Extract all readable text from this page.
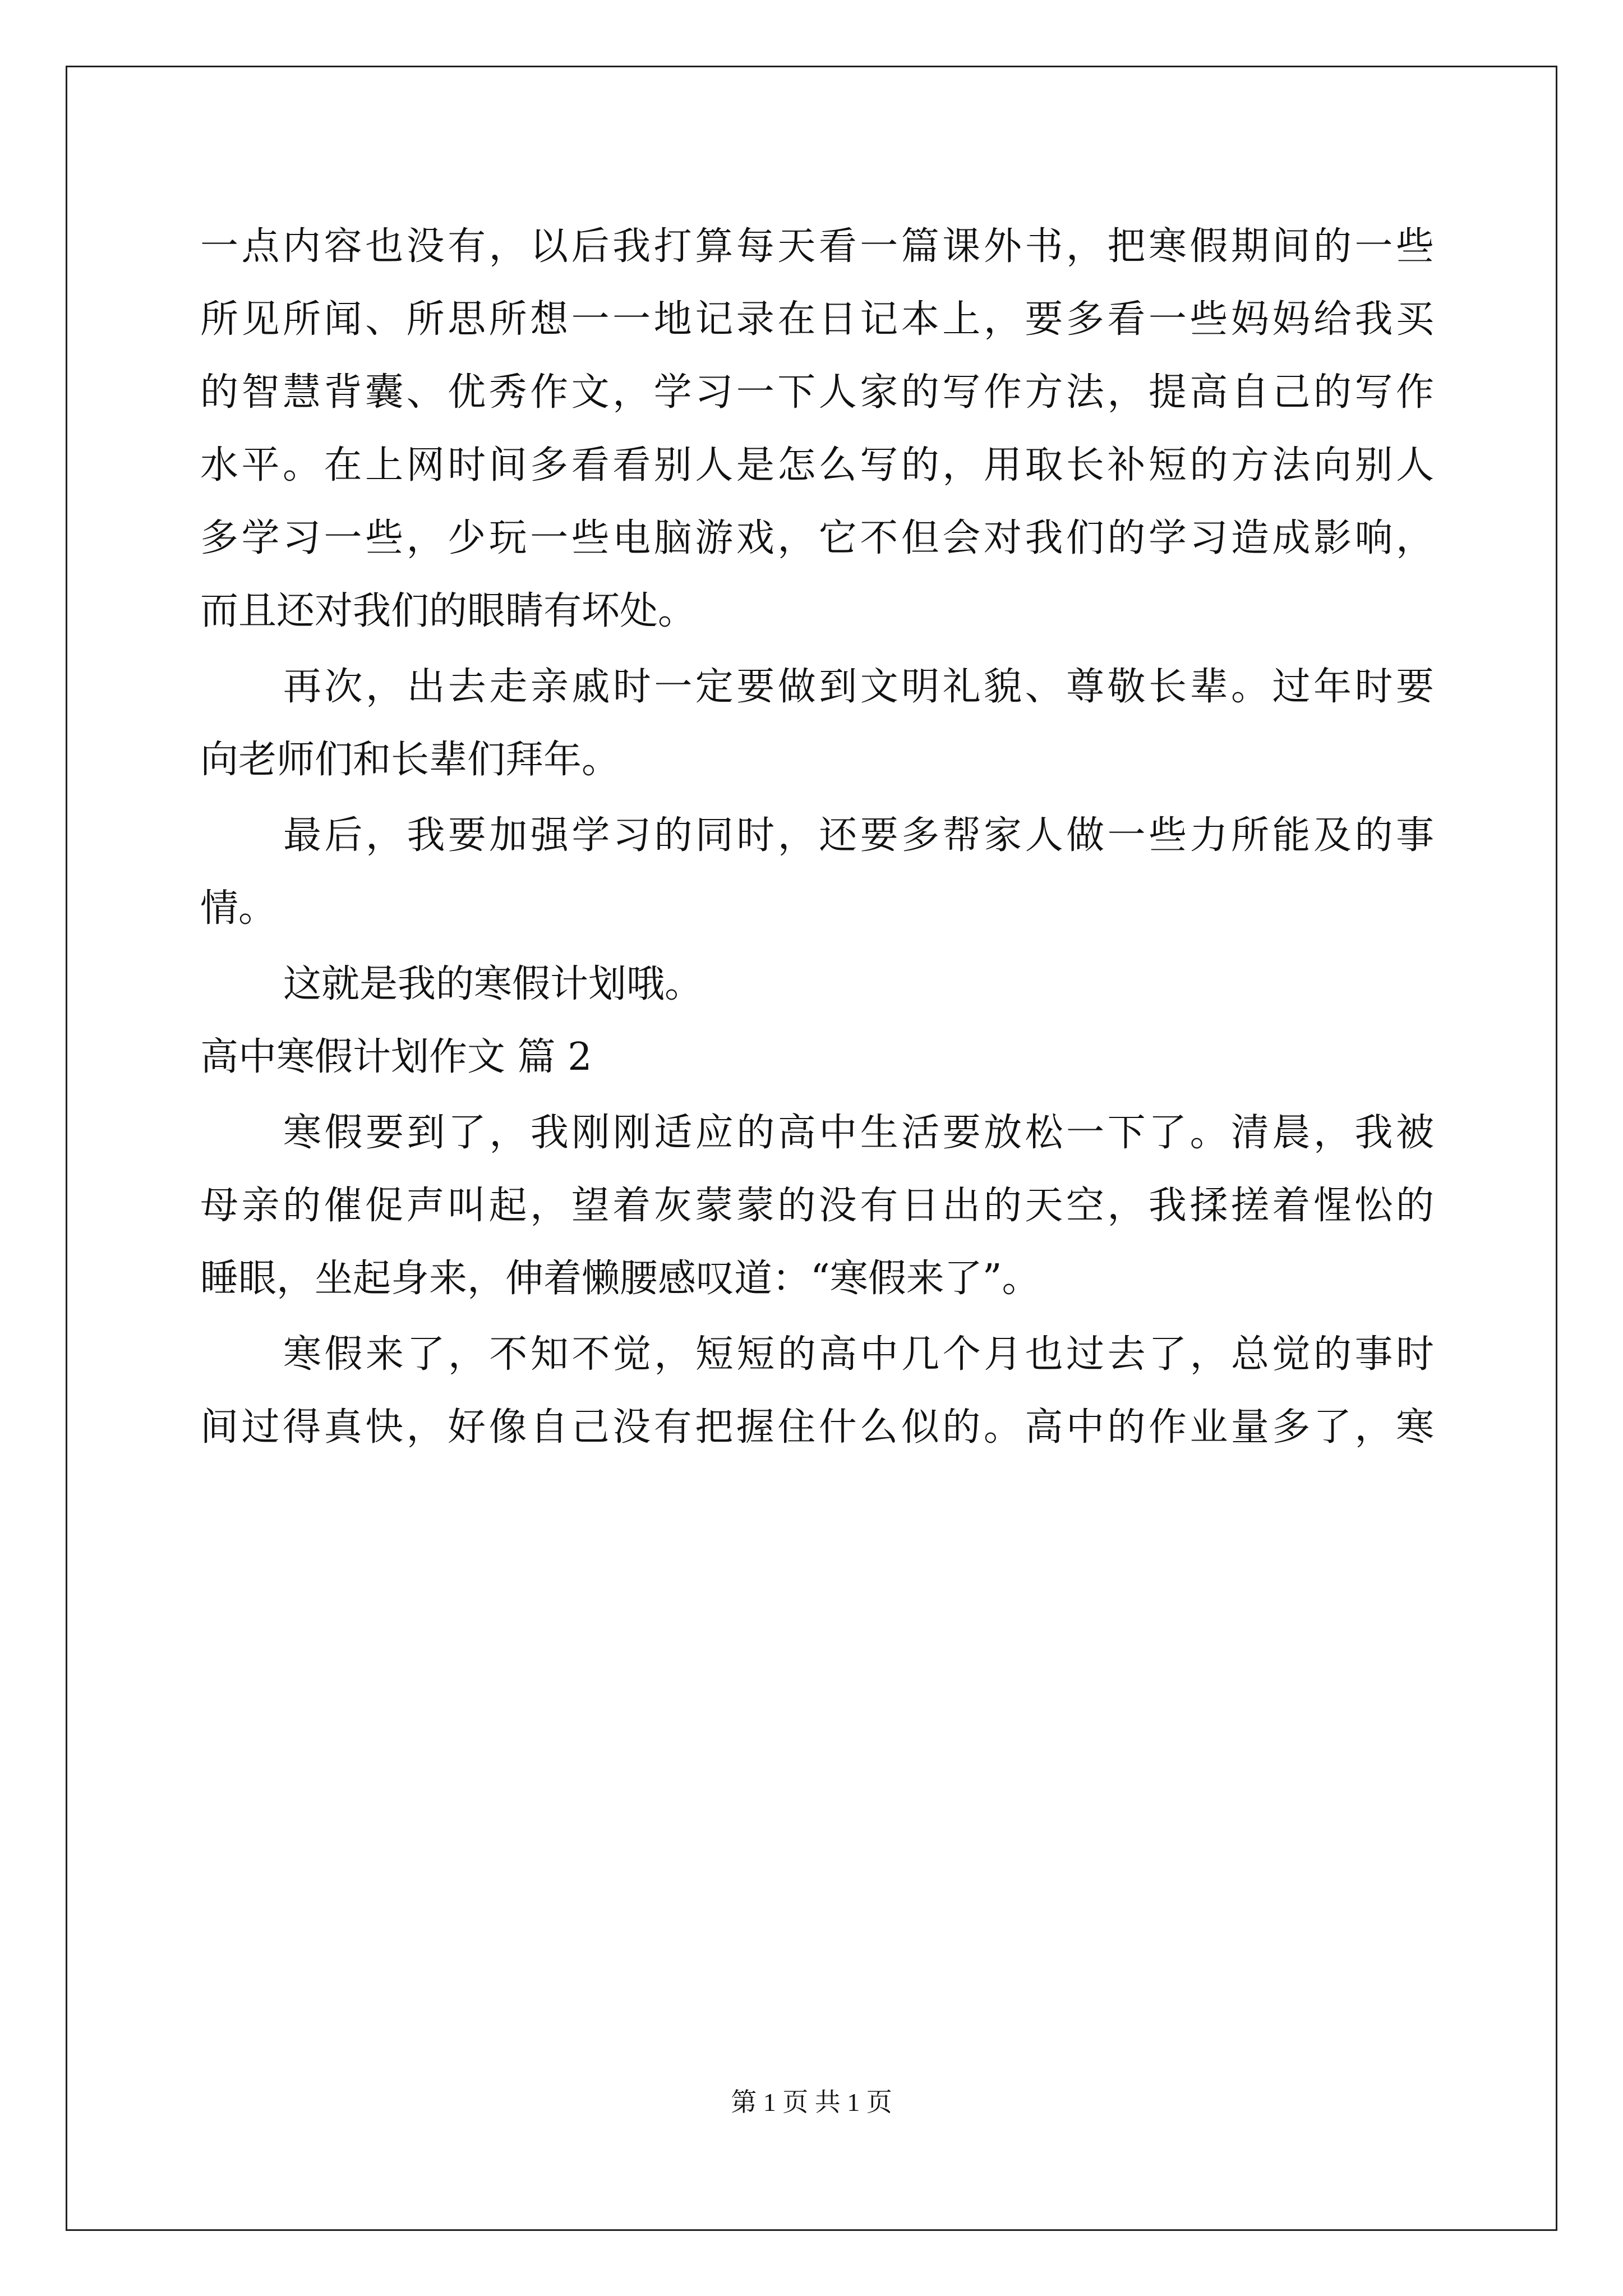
一点内容也没有，以后我打算每天看一篇课外书，把寒假期间的一些
所见所闻、所思所想一一地记录在日记本上，要多看一些妈妈给我买
的智慧背囊、优秀作文，学习一下人家的写作方法，提高自己的写作
水平。在上网时间多看看别人是怎么写的，用取长补短的方法向别人
多学习一些，少玩一些电脑游戏，它不但会对我们的学习造成影响，
而且还对我们的眼睛有坏处。
再次，出去走亲戚时一定要做到文明礼貌、尊敬长辈。过年时要
向老师们和长辈们拜年。
最后，我要加强学习的同时，还要多帮家人做一些力所能及的事
情。
这就是我的寒假计划哦。
高中寒假计划作文 篇 2
寒假要到了，我刚刚适应的高中生活要放松一下了。清晨，我被
母亲的催促声叫起，望着灰蒙蒙的没有日出的天空，我揉搓着惺忪的
睡眼，坐起身来，伸着懒腰感叹道：“寒假来了”。
寒假来了，不知不觉，短短的高中几个月也过去了，总觉的事时
间过得真快，好像自己没有把握住什么似的。高中的作业量多了，寒
第 1 页 共 1 页
